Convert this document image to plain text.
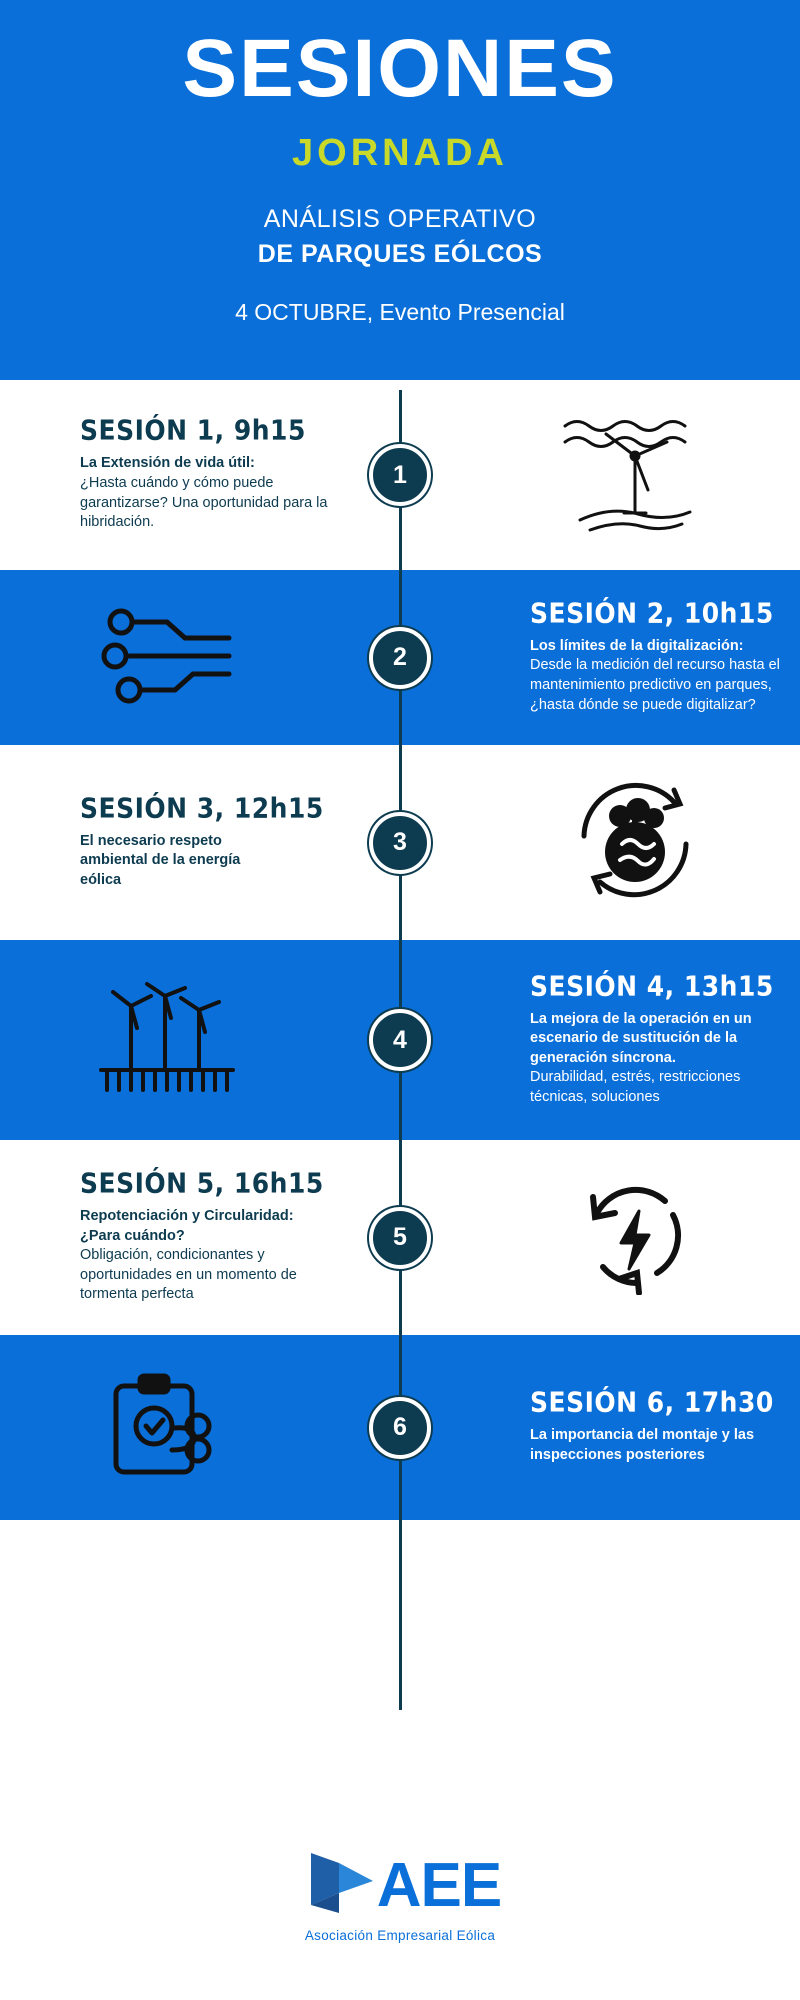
SESIONES
JORNADA
ANÁLISIS OPERATIVO
DE PARQUES EÓLCOS
4 OCTUBRE, Evento Presencial
SESIÓN 1, 9h15
La Extensión de vida útil:
¿Hasta cuándo y cómo puede garantizarse? Una oportunidad para la hibridación.
1
2
SESIÓN 2, 10h15
Los límites de la digitalización:
Desde la medición del recurso hasta el mantenimiento predictivo en parques, ¿hasta dónde se puede digitalizar?
SESIÓN 3, 12h15
El necesario respeto ambiental de la energía eólica
3
4
SESIÓN 4, 13h15
La mejora de la operación en un escenario de sustitución de la generación síncrona.
Durabilidad, estrés, restricciones técnicas, soluciones
SESIÓN 5, 16h15
Repotenciación y Circularidad: ¿Para cuándo?
Obligación, condicionantes y oportunidades en un momento de tormenta perfecta
5
6
SESIÓN 6, 17h30
La importancia del montaje y las inspecciones posteriores
AEE
Asociación Empresarial Eólica
